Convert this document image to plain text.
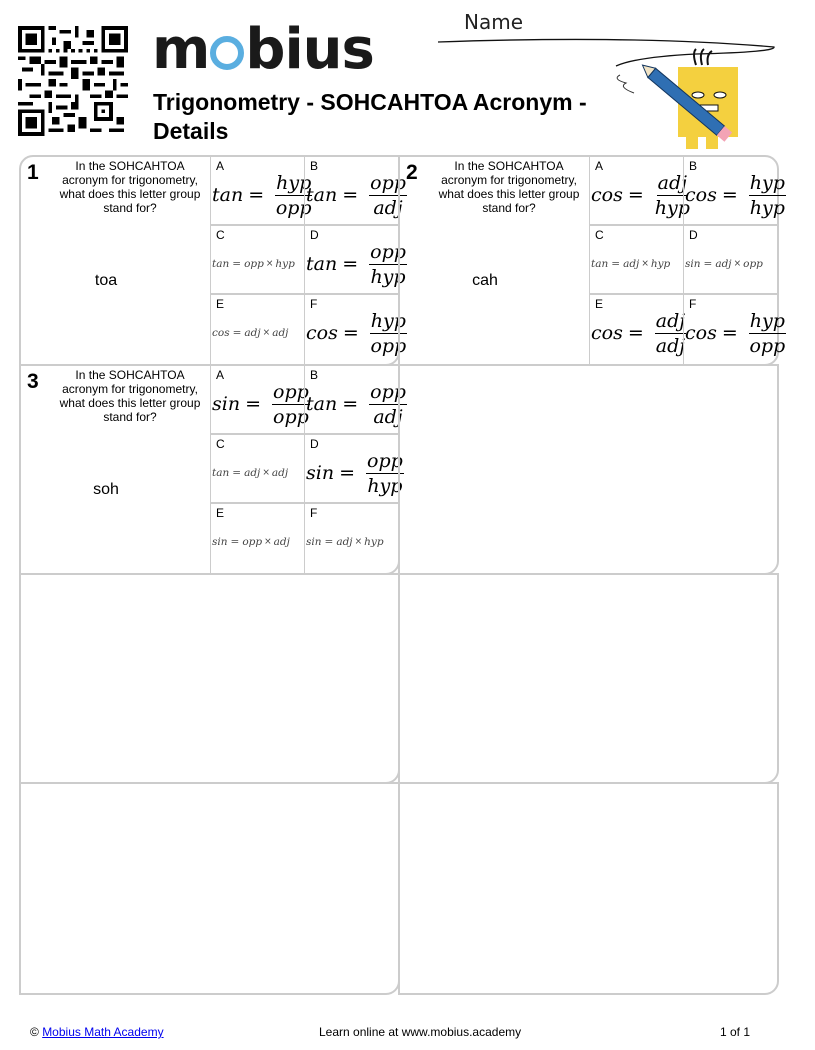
m bius
Trigonometry - SOHCAHTOA Acronym - Details
Name
1	In the SOHCAHTOA acronym for trigonometry, what does this letter group stand for?
toa
A
$\tan = \frac{\text{hyp}}{\text{opp}}$
B
$\tan = \frac{\text{opp}}{\text{adj}}$
C
tan = opp × hyp
D
$\tan = \frac{\text{opp}}{\text{hyp}}$
E
cos = adj × adj
F
$\cos = \frac{\text{hyp}}{\text{opp}}$
2	In the SOHCAHTOA acronym for trigonometry, what does this letter group stand for?
cah
A
$\cos = \frac{\text{adj}}{\text{hyp}}$
B
$\cos = \frac{\text{hyp}}{\text{hyp}}$
C
tan = adj × hyp
D
sin = adj × opp
E
$\cos = \frac{\text{adj}}{\text{adj}}$
F
$\cos = \frac{\text{hyp}}{\text{opp}}$
3	In the SOHCAHTOA acronym for trigonometry, what does this letter group stand for?
soh
A
$\sin = \frac{\text{opp}}{\text{opp}}$
B
$\tan = \frac{\text{opp}}{\text{adj}}$
C
tan = adj × adj
D
$\sin = \frac{\text{opp}}{\text{hyp}}$
E
sin = opp × adj
F
sin = adj × hyp
© Mobius Math Academy	Learn online at www.mobius.academy	1 of 1
